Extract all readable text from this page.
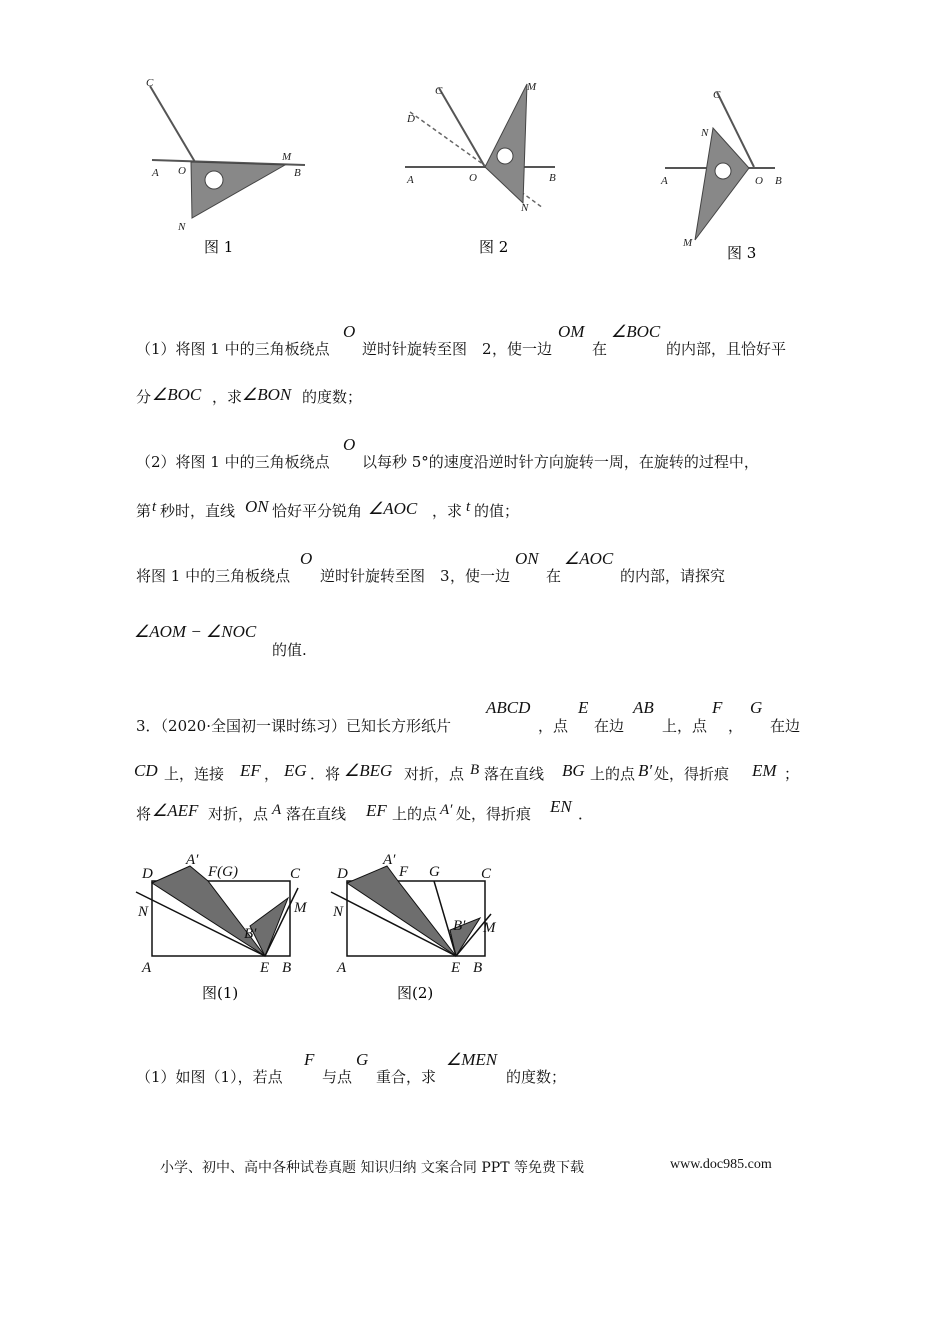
C
A O
M
B
N
图 1
C
D
M
A	O	B
N
图 2
C
N
A	O B
M
图 3
（1）将图 1 中的三角板绕点
O
逆时针旋转至图 2 ，使一边
OM
在
∠BOC
的内部，且恰好平
分 ∠BOC ，求 ∠BON 的度数；
（2）将图 1 中的三角板绕点
O
以每秒 5°的速度沿逆时针方向旋转一周，在旋转的过程中，
第 t 秒时，直线 ON 恰好平分锐角 ∠AOC ，求 t 的值；
将图 1 中的三角板绕点
O
逆时针旋转至图 3 ，使一边
ON
在
∠AOC
的内部，请探究
∠AOM − ∠NOC
的值.
3．（2020·全国初一课时练习）已知长方形纸片
ABCD
，点
E
在边
AB
上，点
F
，
G
在边
CD 上，连接 EF ， EG ．将 ∠BEG 对折，点 B 落在直线 BG 上的点 B′ 处，得折痕 EM ；
将 ∠AEF 对折，点 A 落在直线 EF 上的点 A′ 处，得折痕 EN ．
D
A′
F(G)	C
N
B′
M
A	E B
图(1)
D
A′
F G	C
N
B′ M
A	E B
图(2)
（1）如图（1），若点
F
与点
G
重合，求
∠MEN
的度数；
小学、初中、高中各种试卷真题 知识归纳 文案合同 PPT 等免费下载	www.doc985.com
